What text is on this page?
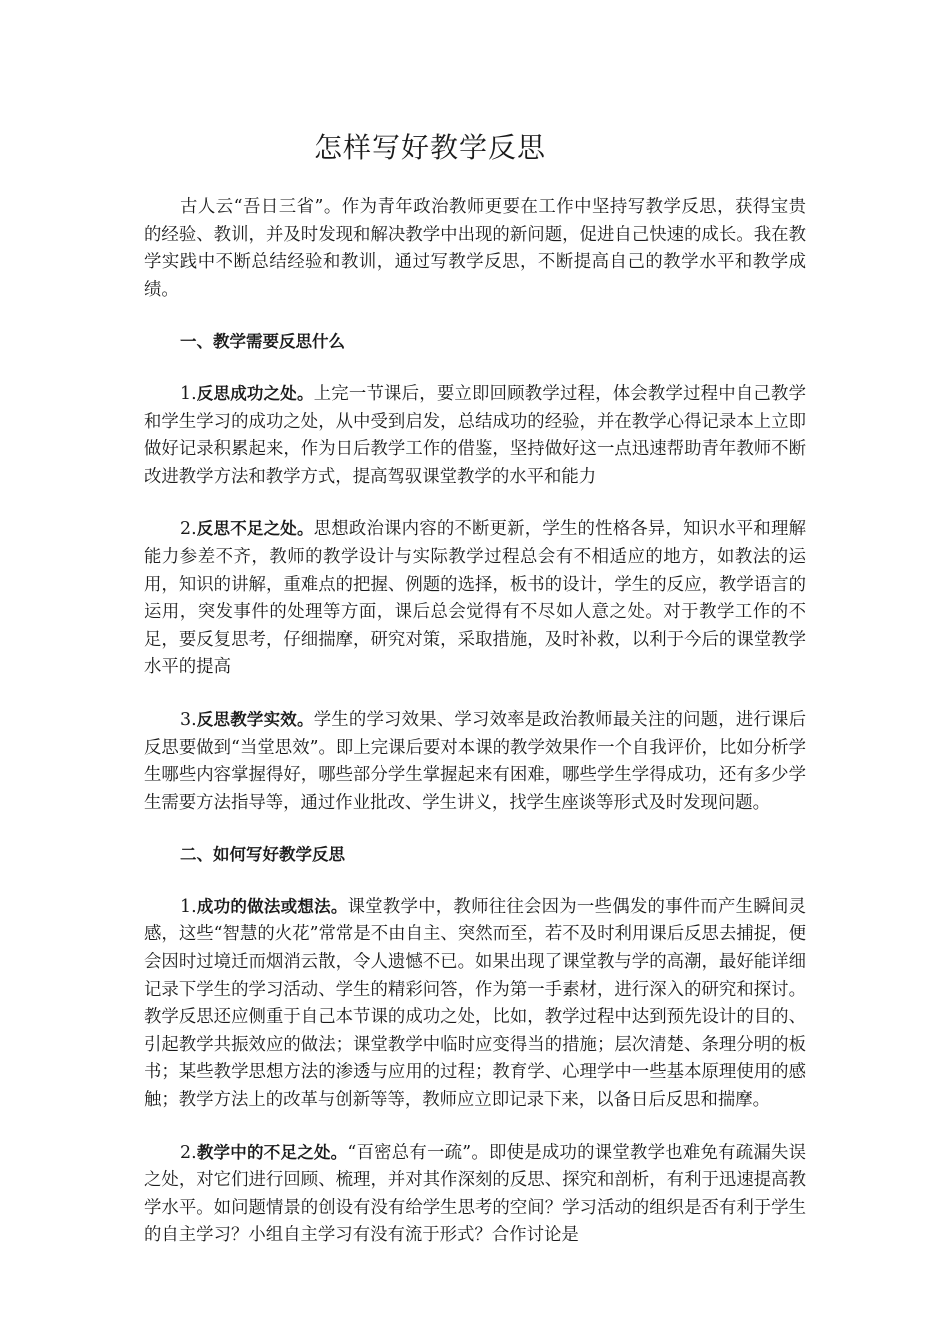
怎样写好教学反思

古人云“吾日三省”。作为青年政治教师更要在工作中坚持写教学反思，获得宝贵的经验、教训，并及时发现和解决教学中出现的新问题，促进自己快速的成长。我在教学实践中不断总结经验和教训，通过写教学反思，不断提高自己的教学水平和教学成绩。

一、教学需要反思什么

1.反思成功之处。上完一节课后，要立即回顾教学过程，体会教学过程中自己教学和学生学习的成功之处，从中受到启发，总结成功的经验，并在教学心得记录本上立即做好记录积累起来，作为日后教学工作的借鉴，坚持做好这一点迅速帮助青年教师不断改进教学方法和教学方式，提高驾驭课堂教学的水平和能力

2.反思不足之处。思想政治课内容的不断更新，学生的性格各异，知识水平和理解能力参差不齐，教师的教学设计与实际教学过程总会有不相适应的地方，如教法的运用，知识的讲解，重难点的把握、例题的选择，板书的设计，学生的反应，教学语言的运用，突发事件的处理等方面，课后总会觉得有不尽如人意之处。对于教学工作的不足，要反复思考，仔细揣摩，研究对策，采取措施，及时补救，以利于今后的课堂教学水平的提高

3.反思教学实效。学生的学习效果、学习效率是政治教师最关注的问题，进行课后反思要做到“当堂思效”。即上完课后要对本课的教学效果作一个自我评价，比如分析学生哪些内容掌握得好，哪些部分学生掌握起来有困难，哪些学生学得成功，还有多少学生需要方法指导等，通过作业批改、学生讲义，找学生座谈等形式及时发现问题。

二、如何写好教学反思

1.成功的做法或想法。课堂教学中，教师往往会因为一些偶发的事件而产生瞬间灵感，这些“智慧的火花”常常是不由自主、突然而至，若不及时利用课后反思去捕捉，便会因时过境迁而烟消云散，令人遗憾不已。如果出现了课堂教与学的高潮，最好能详细记录下学生的学习活动、学生的精彩问答，作为第一手素材，进行深入的研究和探讨。教学反思还应侧重于自己本节课的成功之处，比如，教学过程中达到预先设计的目的、引起教学共振效应的做法；课堂教学中临时应变得当的措施；层次清楚、条理分明的板书；某些教学思想方法的渗透与应用的过程；教育学、心理学中一些基本原理使用的感触；教学方法上的改革与创新等等，教师应立即记录下来，以备日后反思和揣摩。

2.教学中的不足之处。“百密总有一疏”。即使是成功的课堂教学也难免有疏漏失误之处，对它们进行回顾、梳理，并对其作深刻的反思、探究和剖析，有利于迅速提高教学水平。如问题情景的创设有没有给学生思考的空间？学习活动的组织是否有利于学生的自主学习？小组自主学习有没有流于形式？合作讨论是
